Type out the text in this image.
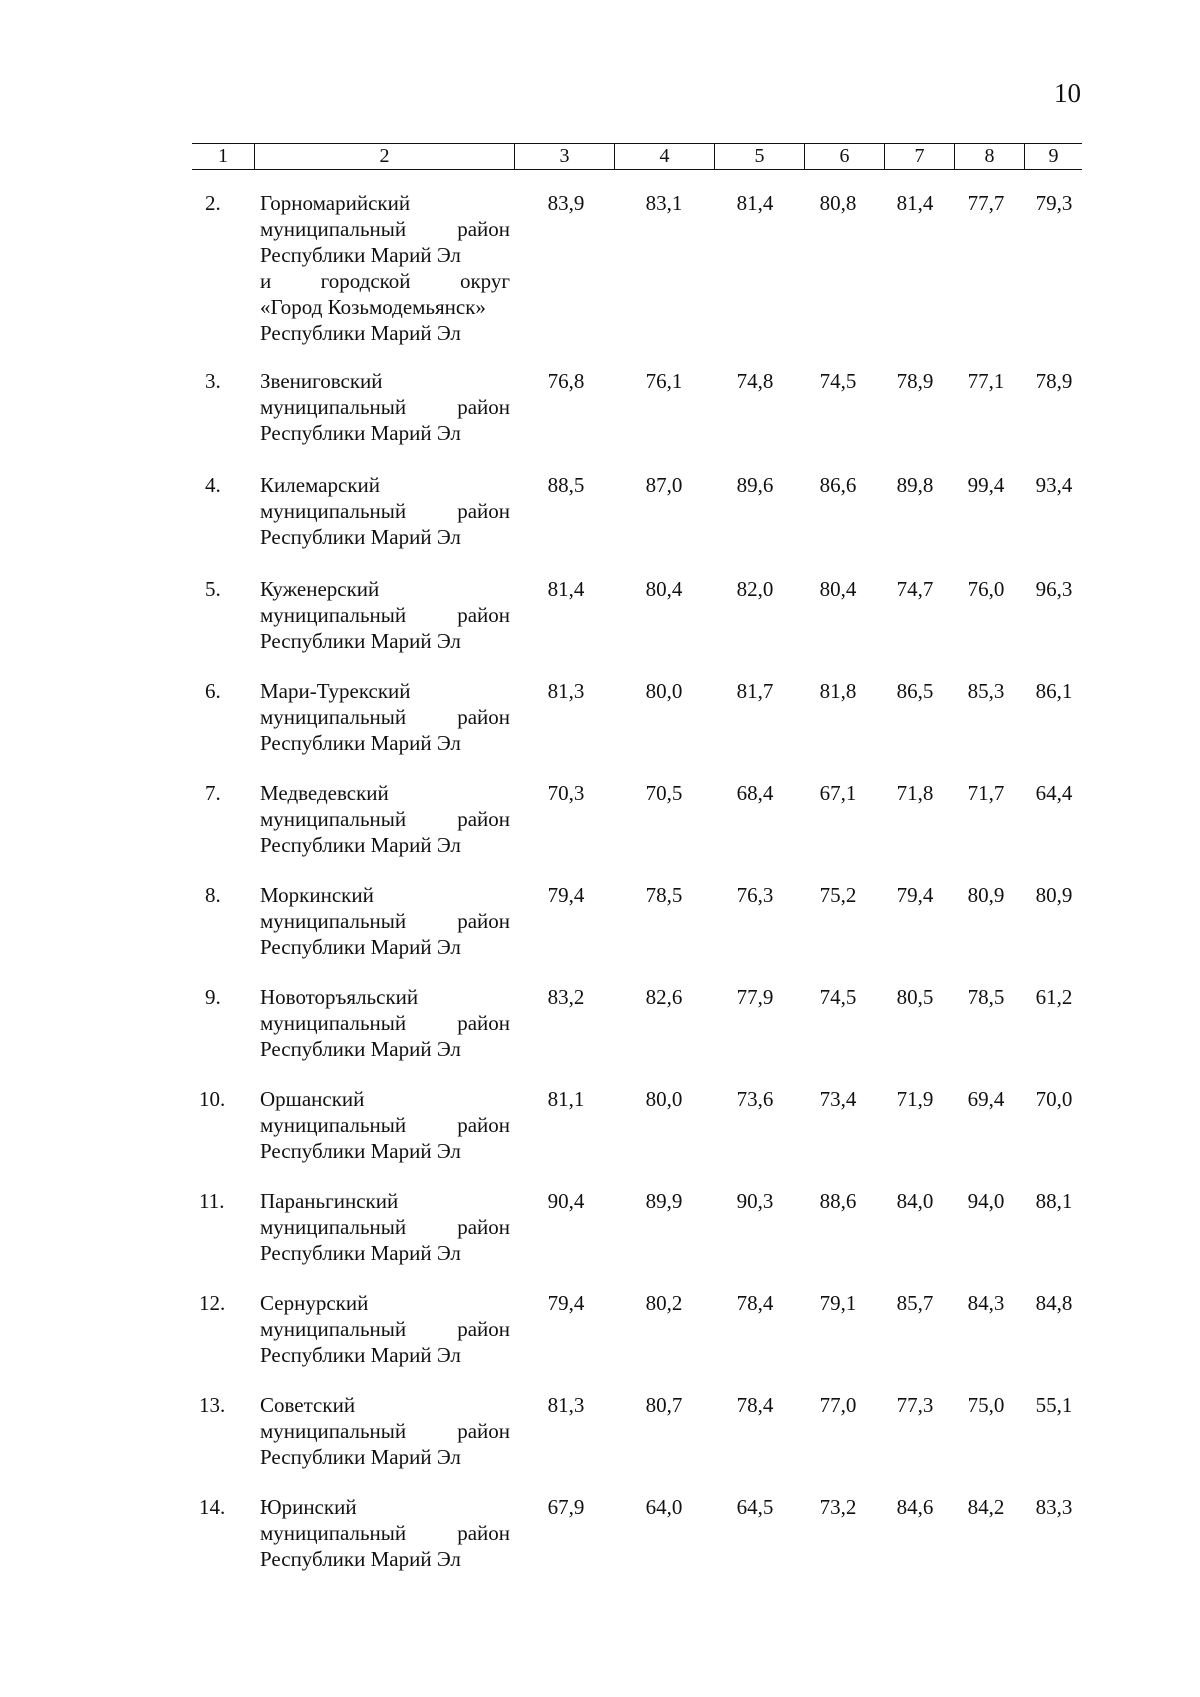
10
1	2	3	4	5	6	7	8	9
2. Горномарийский
муниципальный район
Республики Марий Эл
и городской округ
«Город Козьмодемьянск»
Республики Марий Эл
83,9	83,1	81,4	80,8	81,4	77,7	79,3
3. Звениговский
муниципальный район
Республики Марий Эл
76,8	76,1	74,8	74,5	78,9	77,1	78,9
4. Килемарский
муниципальный район
Республики Марий Эл
88,5	87,0	89,6	86,6	89,8	99,4	93,4
5. Куженерский
муниципальный район
Республики Марий Эл
81,4	80,4	82,0	80,4	74,7	76,0	96,3
6. Мари-Турекский
муниципальный район
Республики Марий Эл
81,3	80,0	81,7	81,8	86,5	85,3	86,1
7. Медведевский
муниципальный район
Республики Марий Эл
70,3	70,5	68,4	67,1	71,8	71,7	64,4
8. Моркинский
муниципальный район
Республики Марий Эл
79,4	78,5	76,3	75,2	79,4	80,9	80,9
9. Новоторъяльский
муниципальный район
Республики Марий Эл
83,2	82,6	77,9	74,5	80,5	78,5	61,2
10. Оршанский
муниципальный район
Республики Марий Эл
81,1	80,0	73,6	73,4	71,9	69,4	70,0
11. Параньгинский
муниципальный район
Республики Марий Эл
90,4	89,9	90,3	88,6	84,0	94,0	88,1
12. Сернурский
муниципальный район
Республики Марий Эл
79,4	80,2	78,4	79,1	85,7	84,3	84,8
13. Советский
муниципальный район
Республики Марий Эл
81,3	80,7	78,4	77,0	77,3	75,0	55,1
14. Юринский
муниципальный район
Республики Марий Эл
67,9	64,0	64,5	73,2	84,6	84,2	83,3
